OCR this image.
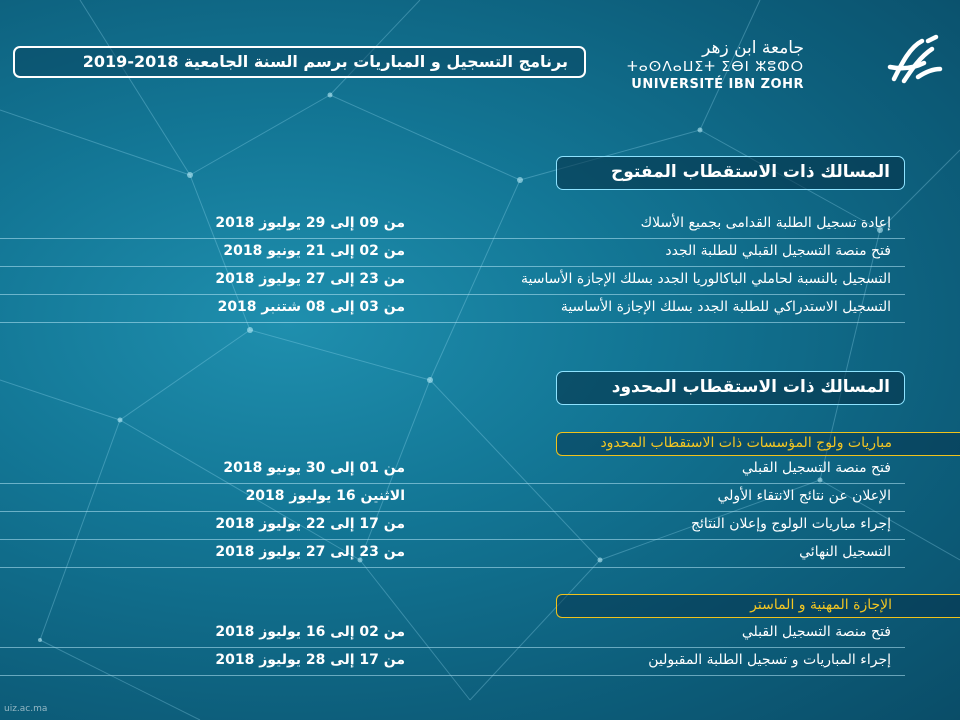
برنامج التسجيل و المباريات برسم السنة الجامعية 2018-2019
جامعة ابن زهر
ⵜⴰⵙⴷⴰⵡⵉⵜ ⵉⴱⵏ ⵣⵓⵀⵔ
UNIVERSITÉ IBN ZOHR
المسالك ذات الاستقطاب المفتوح
إعادة تسجيل الطلبة القدامى بجميع الأسلاك
من 09 إلى 29 يوليوز 2018
فتح منصة التسجيل القبلي للطلبة الجدد
من 02 إلى 21 يونيو 2018
التسجيل بالنسبة لحاملي الباكالوريا الجدد بسلك الإجازة الأساسية
من 23 إلى 27 يوليوز 2018
التسجيل الاستدراكي للطلبة الجدد بسلك الإجازة الأساسية
من 03 إلى 08 شتنبر 2018
المسالك ذات الاستقطاب المحدود
مباريات ولوج المؤسسات ذات الاستقطاب المحدود
فتح منصة التسجيل القبلي
من 01 إلى 30 يونيو 2018
الإعلان عن نتائج الانتقاء الأولي
الاثنين 16 يوليوز 2018
إجراء مباريات الولوج وإعلان النتائج
من 17 إلى 22 يوليوز 2018
التسجيل النهائي
من 23 إلى 27 يوليوز 2018
الإجازة المهنية و الماستر
فتح منصة التسجيل القبلي
من 02 إلى 16 يوليوز 2018
إجراء المباريات و تسجيل الطلبة المقبولين
من 17 إلى 28 يوليوز 2018
uiz.ac.ma
